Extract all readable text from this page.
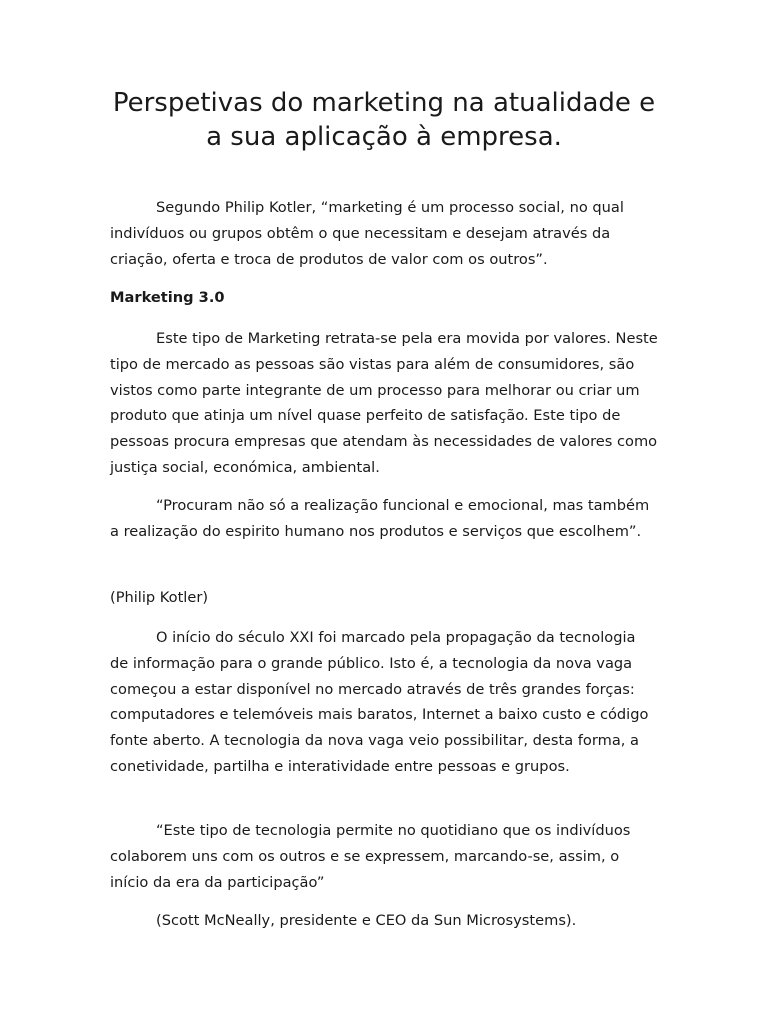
Perspetivas do marketing na atualidade e a sua aplicação à empresa.

Segundo Philip Kotler, “marketing é um processo social, no qual indivíduos ou grupos obtêm o que necessitam e desejam através da criação, oferta e troca de produtos de valor com os outros”.

Marketing 3.0

Este tipo de Marketing retrata-se pela era movida por valores. Neste tipo de mercado as pessoas são vistas para além de consumidores, são vistos como parte integrante de um processo para melhorar ou criar um produto que atinja um nível quase perfeito de satisfação. Este tipo de pessoas procura empresas que atendam às necessidades de valores como justiça social, económica, ambiental.

“Procuram não só a realização funcional e emocional, mas também a realização do espirito humano nos produtos e serviços que escolhem”.

(Philip Kotler)

O início do século XXI foi marcado pela propagação da tecnologia de informação para o grande público. Isto é, a tecnologia da nova vaga começou a estar disponível no mercado através de três grandes forças: computadores e telemóveis mais baratos, Internet a baixo custo e código fonte aberto. A tecnologia da nova vaga veio possibilitar, desta forma, a conetividade, partilha e interatividade entre pessoas e grupos.

“Este tipo de tecnologia permite no quotidiano que os indivíduos colaborem uns com os outros e se expressem, marcando-se, assim, o início da era da participação”

(Scott McNeally, presidente e CEO da Sun Microsystems).
